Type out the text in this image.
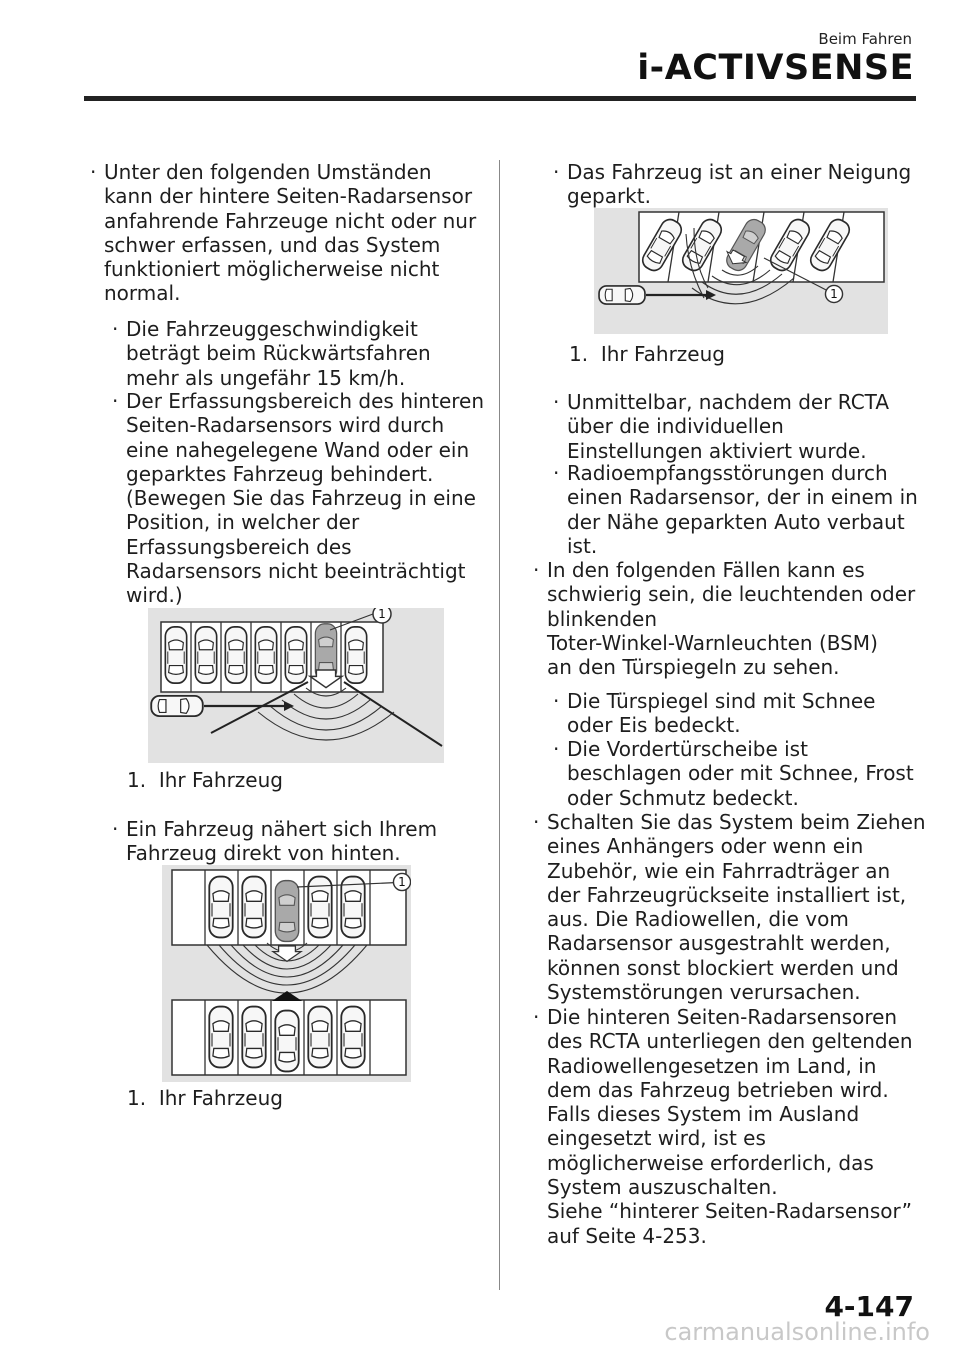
Beim Fahren
i-ACTIVSENSE
· Unter den folgenden Umständen
kann der hintere Seiten-Radarsensor
anfahrende Fahrzeuge nicht oder nur
schwer erfassen, und das System
funktioniert möglicherweise nicht
normal.
· Die Fahrzeuggeschwindigkeit
beträgt beim Rückwärtsfahren
mehr als ungefähr 15 km/h.
· Der Erfassungsbereich des hinteren
Seiten-Radarsensors wird durch
eine nahegelegene Wand oder ein
geparktes Fahrzeug behindert.
(Bewegen Sie das Fahrzeug in eine
Position, in welcher der
Erfassungsbereich des
Radarsensors nicht beeinträchtigt
wird.)
1
1. Ihr Fahrzeug
· Ein Fahrzeug nähert sich Ihrem
Fahrzeug direkt von hinten.
1
1. Ihr Fahrzeug
· Das Fahrzeug ist an einer Neigung
geparkt.
1
1. Ihr Fahrzeug
· Unmittelbar, nachdem der RCTA
über die individuellen
Einstellungen aktiviert wurde.
· Radioempfangsstörungen durch
einen Radarsensor, der in einem in
der Nähe geparkten Auto verbaut
ist.
· In den folgenden Fällen kann es
schwierig sein, die leuchtenden oder
blinkenden
Toter-Winkel-Warnleuchten (BSM)
an den Türspiegeln zu sehen.
· Die Türspiegel sind mit Schnee
oder Eis bedeckt.
· Die Vordertürscheibe ist
beschlagen oder mit Schnee, Frost
oder Schmutz bedeckt.
· Schalten Sie das System beim Ziehen
eines Anhängers oder wenn ein
Zubehör, wie ein Fahrradträger an
der Fahrzeugrückseite installiert ist,
aus. Die Radiowellen, die vom
Radarsensor ausgestrahlt werden,
können sonst blockiert werden und
Systemstörungen verursachen.
· Die hinteren Seiten-Radarsensoren
des RCTA unterliegen den geltenden
Radiowellengesetzen im Land, in
dem das Fahrzeug betrieben wird.
Falls dieses System im Ausland
eingesetzt wird, ist es
möglicherweise erforderlich, das
System auszuschalten.
Siehe “hinterer Seiten-Radarsensor”
auf Seite 4-253.
4-147
carmanualsonline.info
